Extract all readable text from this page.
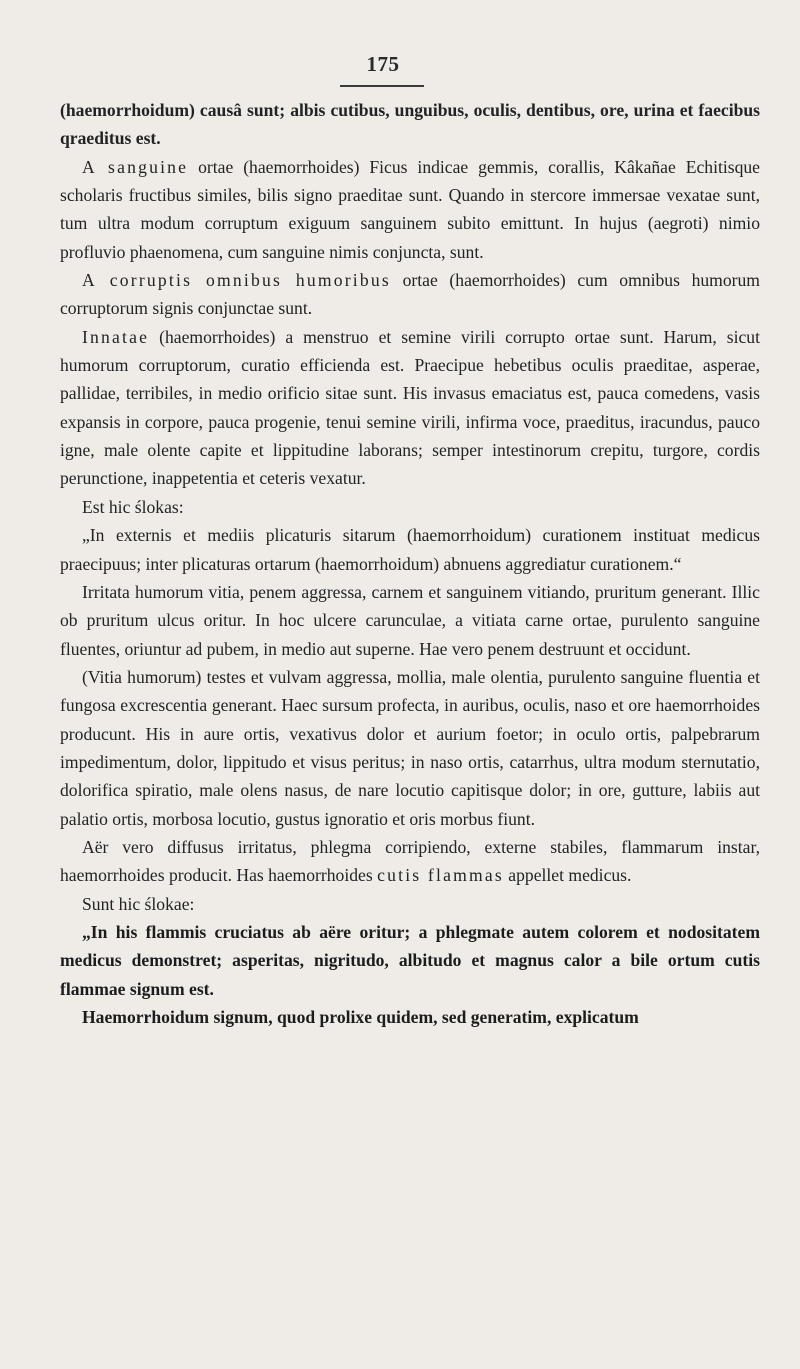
175

(haemorrhoidum) causâ sunt; albis cutibus, unguibus, oculis, dentibus, ore, urina et faecibus qraeditus est.

A sanguine ortae (haemorrhoides) Ficus indicae gemmis, corallis, Kâkañae Echitisque scholaris fructibus similes, bilis signo praeditae sunt. Quando in stercore immersae vexatae sunt, tum ultra modum corruptum exiguum sanguinem subito emittunt. In hujus (aegroti) nimio profluvio phaenomena, cum sanguine nimis conjuncta, sunt.

A corruptis omnibus humoribus ortae (haemorrhoides) cum omnibus humorum corruptorum signis conjunctae sunt.

Innatae (haemorrhoides) a menstruo et semine virili corrupto ortae sunt. Harum, sicut humorum corruptorum, curatio efficienda est. Praecipue hebetibus oculis praeditae, asperae, pallidae, terribiles, in medio orificio sitae sunt. His invasus emaciatus est, pauca comedens, vasis expansis in corpore, pauca progenie, tenui semine virili, infirma voce, praeditus, iracundus, pauco igne, male olente capite et lippitudine laborans; semper intestinorum crepitu, turgore, cordis perunctione, inappetentia et ceteris vexatur.

Est hic ślokas:

„In externis et mediis plicaturis sitarum (haemorrhoidum) curationem instituat medicus praecipuus; inter plicaturas ortarum (haemorrhoidum) abnuens aggrediatur curationem.“

Irritata humorum vitia, penem aggressa, carnem et sanguinem vitiando, pruritum generant. Illic ob pruritum ulcus oritur. In hoc ulcere carunculae, a vitiata carne ortae, purulento sanguine fluentes, oriuntur ad pubem, in medio aut superne. Hae vero penem destruunt et occidunt.

(Vitia humorum) testes et vulvam aggressa, mollia, male olentia, purulento sanguine fluentia et fungosa excrescentia generant. Haec sursum profecta, in auribus, oculis, naso et ore haemorrhoides producunt. His in aure ortis, vexativus dolor et aurium foetor; in oculo ortis, palpebrarum impedimentum, dolor, lippitudo et visus peritus; in naso ortis, catarrhus, ultra modum sternutatio, dolorifica spiratio, male olens nasus, de nare locutio capitisque dolor; in ore, gutture, labiis aut palatio ortis, morbosa locutio, gustus ignoratio et oris morbus fiunt.

Aër vero diffusus irritatus, phlegma corripiendo, externe stabiles, flammarum instar, haemorrhoides producit. Has haemorrhoides cutis flammas appellet medicus.

Sunt hic ślokae:

„In his flammis cruciatus ab aëre oritur; a phlegmate autem colorem et nodositatem medicus demonstret; asperitas, nigritudo, albitudo et magnus calor a bile ortum cutis flammae signum est.

Haemorrhoidum signum, quod prolixe quidem, sed generatim, explicatum
